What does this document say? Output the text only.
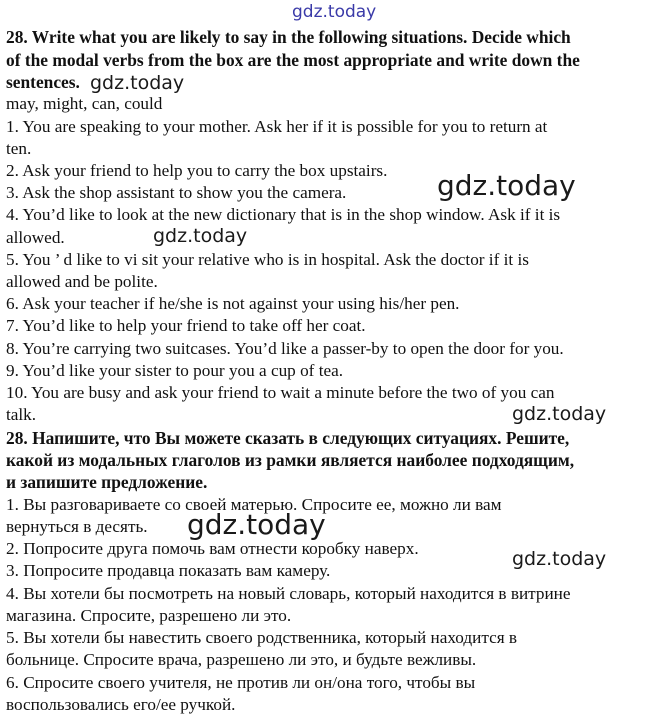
gdz.today
gdz.today
gdz.today
gdz.today
gdz.today
gdz.today
gdz.today

28. Write what you are likely to say in the following situations. Decide which

of the modal verbs from the box are the most appropriate and write down the

sentences.

may, might, can, could

1. You are speaking to your mother. Ask her if it is possible for you to return at

ten.

2. Ask your friend to help you to carry the box upstairs.

3. Ask the shop assistant to show you the camera.

4. You’d like to look at the new dictionary that is in the shop window. Ask if it is

allowed.

5. You ’ d like to vi sit your relative who is in hospital. Ask the doctor if it is

allowed and be polite.

6. Ask your teacher if he/she is not against your using his/her pen.

7. You’d like to help your friend to take off her coat.

8. You’re carrying two suitcases. You’d like a passer-by to open the door for you.

9. You’d like your sister to pour you a cup of tea.

10. You are busy and ask your friend to wait a minute before the two of you can

talk.

28. Напишите, что Вы можете сказать в следующих ситуациях. Решите,

какой из модальных глаголов из рамки является наиболее подходящим,

и запишите предложение.

1. Вы разговариваете со своей матерью. Спросите ее, можно ли вам

вернуться в десять.

2. Попросите друга помочь вам отнести коробку наверх.

3. Попросите продавца показать вам камеру.

4. Вы хотели бы посмотреть на новый словарь, который находится в витрине

магазина. Спросите, разрешено ли это.

5. Вы хотели бы навестить своего родственника, который находится в

больнице. Спросите врача, разрешено ли это, и будьте вежливы.

6. Спросите своего учителя, не против ли он/она того, чтобы вы

воспользовались его/ее ручкой.
